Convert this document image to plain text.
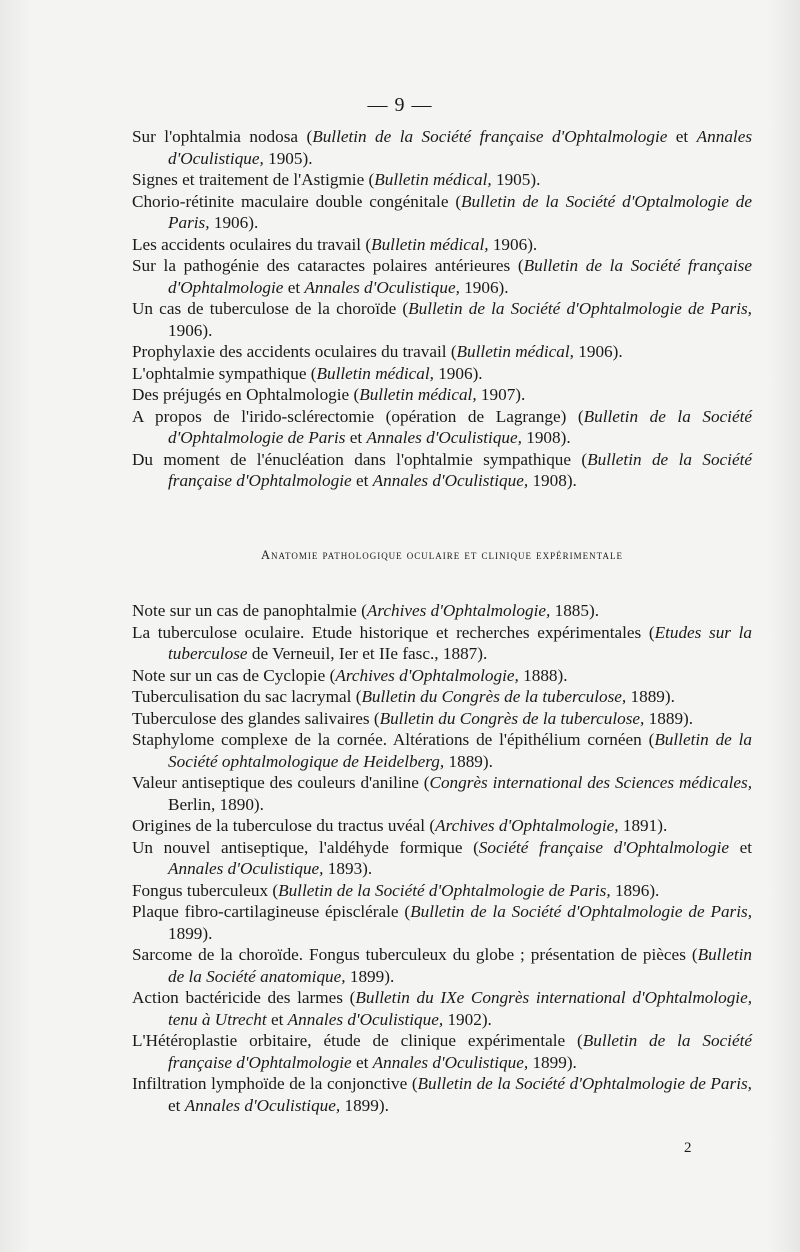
— 9 —

Sur l'ophtalmia nodosa (Bulletin de la Société française d'Ophtalmologie et Annales d'Oculistique, 1905).

Signes et traitement de l'Astigmie (Bulletin médical, 1905).

Chorio-rétinite maculaire double congénitale (Bulletin de la Société d'Optalmologie de Paris, 1906).

Les accidents oculaires du travail (Bulletin médical, 1906).

Sur la pathogénie des cataractes polaires antérieures (Bulletin de la Société française d'Ophtalmologie et Annales d'Oculistique, 1906).

Un cas de tuberculose de la choroïde (Bulletin de la Société d'Ophtalmologie de Paris, 1906).

Prophylaxie des accidents oculaires du travail (Bulletin médical, 1906).

L'ophtalmie sympathique (Bulletin médical, 1906).

Des préjugés en Ophtalmologie (Bulletin médical, 1907).

A propos de l'irido-sclérectomie (opération de Lagrange) (Bulletin de la Société d'Ophtalmologie de Paris et Annales d'Oculistique, 1908).

Du moment de l'énucléation dans l'ophtalmie sympathique (Bulletin de la Société française d'Ophtalmologie et Annales d'Oculistique, 1908).

Anatomie pathologique oculaire et clinique expérimentale

Note sur un cas de panophtalmie (Archives d'Ophtalmologie, 1885).

La tuberculose oculaire. Etude historique et recherches expérimentales (Etudes sur la tuberculose de Verneuil, Ier et IIe fasc., 1887).

Note sur un cas de Cyclopie (Archives d'Ophtalmologie, 1888).

Tuberculisation du sac lacrymal (Bulletin du Congrès de la tuberculose, 1889).

Tuberculose des glandes salivaires (Bulletin du Congrès de la tuberculose, 1889).

Staphylome complexe de la cornée. Altérations de l'épithélium cornéen (Bulletin de la Société ophtalmologique de Heidelberg, 1889).

Valeur antiseptique des couleurs d'aniline (Congrès international des Sciences médicales, Berlin, 1890).

Origines de la tuberculose du tractus uvéal (Archives d'Ophtalmologie, 1891).

Un nouvel antiseptique, l'aldéhyde formique (Société française d'Ophtalmologie et Annales d'Oculistique, 1893).

Fongus tuberculeux (Bulletin de la Société d'Ophtalmologie de Paris, 1896).

Plaque fibro-cartilagineuse épisclérale (Bulletin de la Société d'Ophtalmologie de Paris, 1899).

Sarcome de la choroïde. Fongus tuberculeux du globe ; présentation de pièces (Bulletin de la Société anatomique, 1899).

Action bactéricide des larmes (Bulletin du IXe Congrès international d'Ophtalmologie, tenu à Utrecht et Annales d'Oculistique, 1902).

L'Hétéroplastie orbitaire, étude de clinique expérimentale (Bulletin de la Société française d'Ophtalmologie et Annales d'Oculistique, 1899).

Infiltration lymphoïde de la conjonctive (Bulletin de la Société d'Ophtalmologie de Paris, et Annales d'Oculistique, 1899).

2
